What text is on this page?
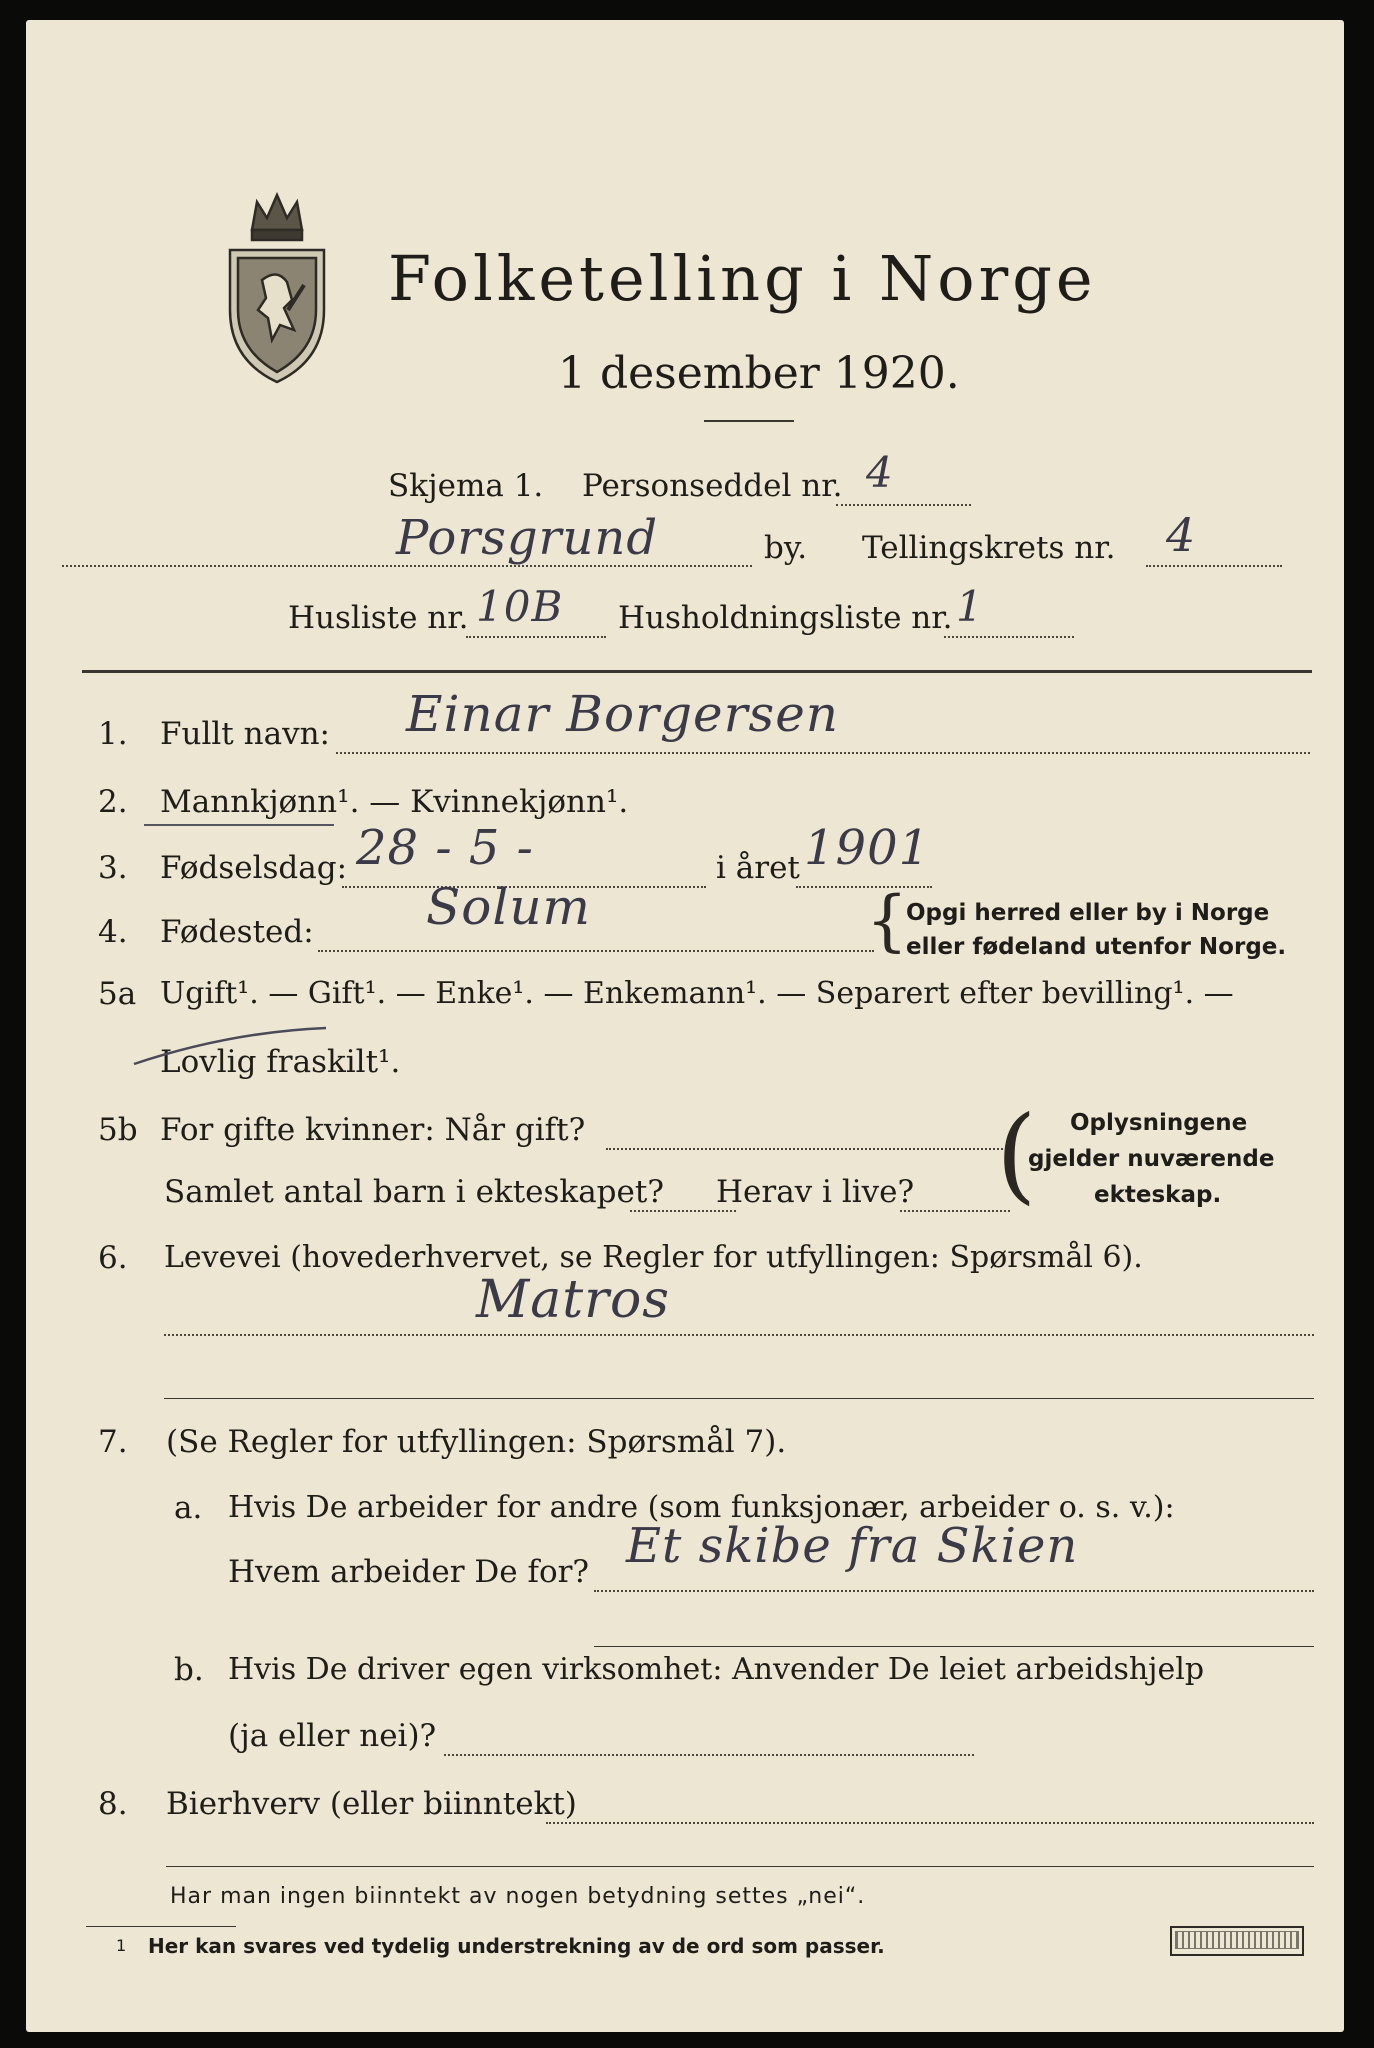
Folketelling i Norge
1 desember 1920.
Skjema 1. Personseddel nr. 4
Porsgrund	by. Tellingskrets nr. 4
Husliste nr. 10B Husholdningsliste nr. 1
1. Fullt navn: Einar Borgersen
2. Mannkjønn¹. — Kvinnekjønn¹.
3. Fødselsdag: 28 - 5 -	i året 1901
4. Fødested: Solum	{
Opgi herred eller by i Norge
eller fødeland utenfor Norge.
5a Ugift¹. — Gift¹. — Enke¹. — Enkemann¹. — Separert efter bevilling¹. —
Lovlig fraskilt¹.
5b For gifte kvinner: Når gift?
Samlet antal barn i ekteskapet? Herav i live? ( Oplysningene
gjelder nuværende
ekteskap.
6. Levevei (hovederhvervet, se Regler for utfyllingen: Spørsmål 6).
Matros
7. (Se Regler for utfyllingen: Spørsmål 7).
a. Hvis De arbeider for andre (som funksjonær, arbeider o. s. v.):
Hvem arbeider De for? Et skibe fra Skien
b. Hvis De driver egen virksomhet: Anvender De leiet arbeidshjelp
(ja eller nei)?
8. Bierhverv (eller biinntekt)
Har man ingen biinntekt av nogen betydning settes „nei“.
1 Her kan svares ved tydelig understrekning av de ord som passer.
